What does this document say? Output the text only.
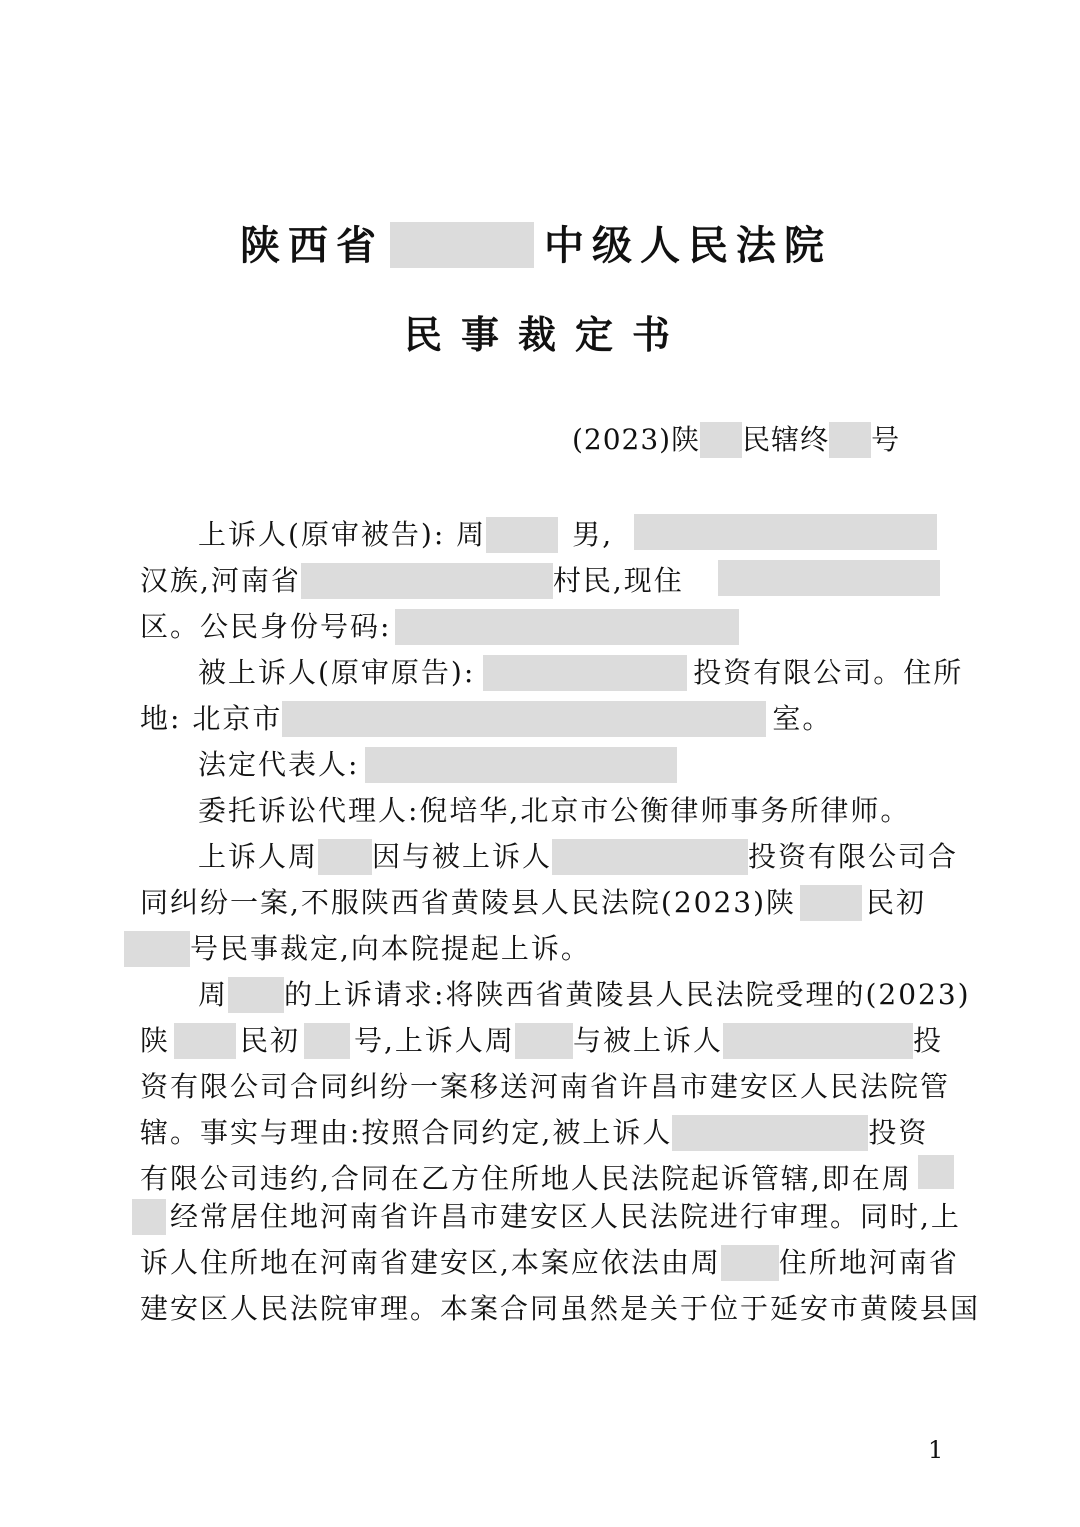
陕西省	中级人民法院
民事裁定书
(2023)陕 民辖终 号
上诉人(原审被告): 周	男,
汉族,河南省	村民,现住
区。公民身份号码:
被上诉人(原审原告):	投资有限公司。住所
地: 北京市	室。
法定代表人:
委托诉讼代理人:倪培华,北京市公衡律师事务所律师。
上诉人周 因与被上诉人	投资有限公司合
同纠纷一案,不服陕西省黄陵县人民法院(2023)陕	民初
号民事裁定,向本院提起上诉。
周 的上诉请求:将陕西省黄陵县人民法院受理的(2023)
陕	民初 号,上诉人周 与被上诉人	投
资有限公司合同纠纷一案移送河南省许昌市建安区人民法院管
辖。事实与理由:按照合同约定,被上诉人	投资
有限公司违约,合同在乙方住所地人民法院起诉管辖,即在周
经常居住地河南省许昌市建安区人民法院进行审理。同时,上
诉人住所地在河南省建安区,本案应依法由周 住所地河南省
建安区人民法院审理。本案合同虽然是关于位于延安市黄陵县国
1
